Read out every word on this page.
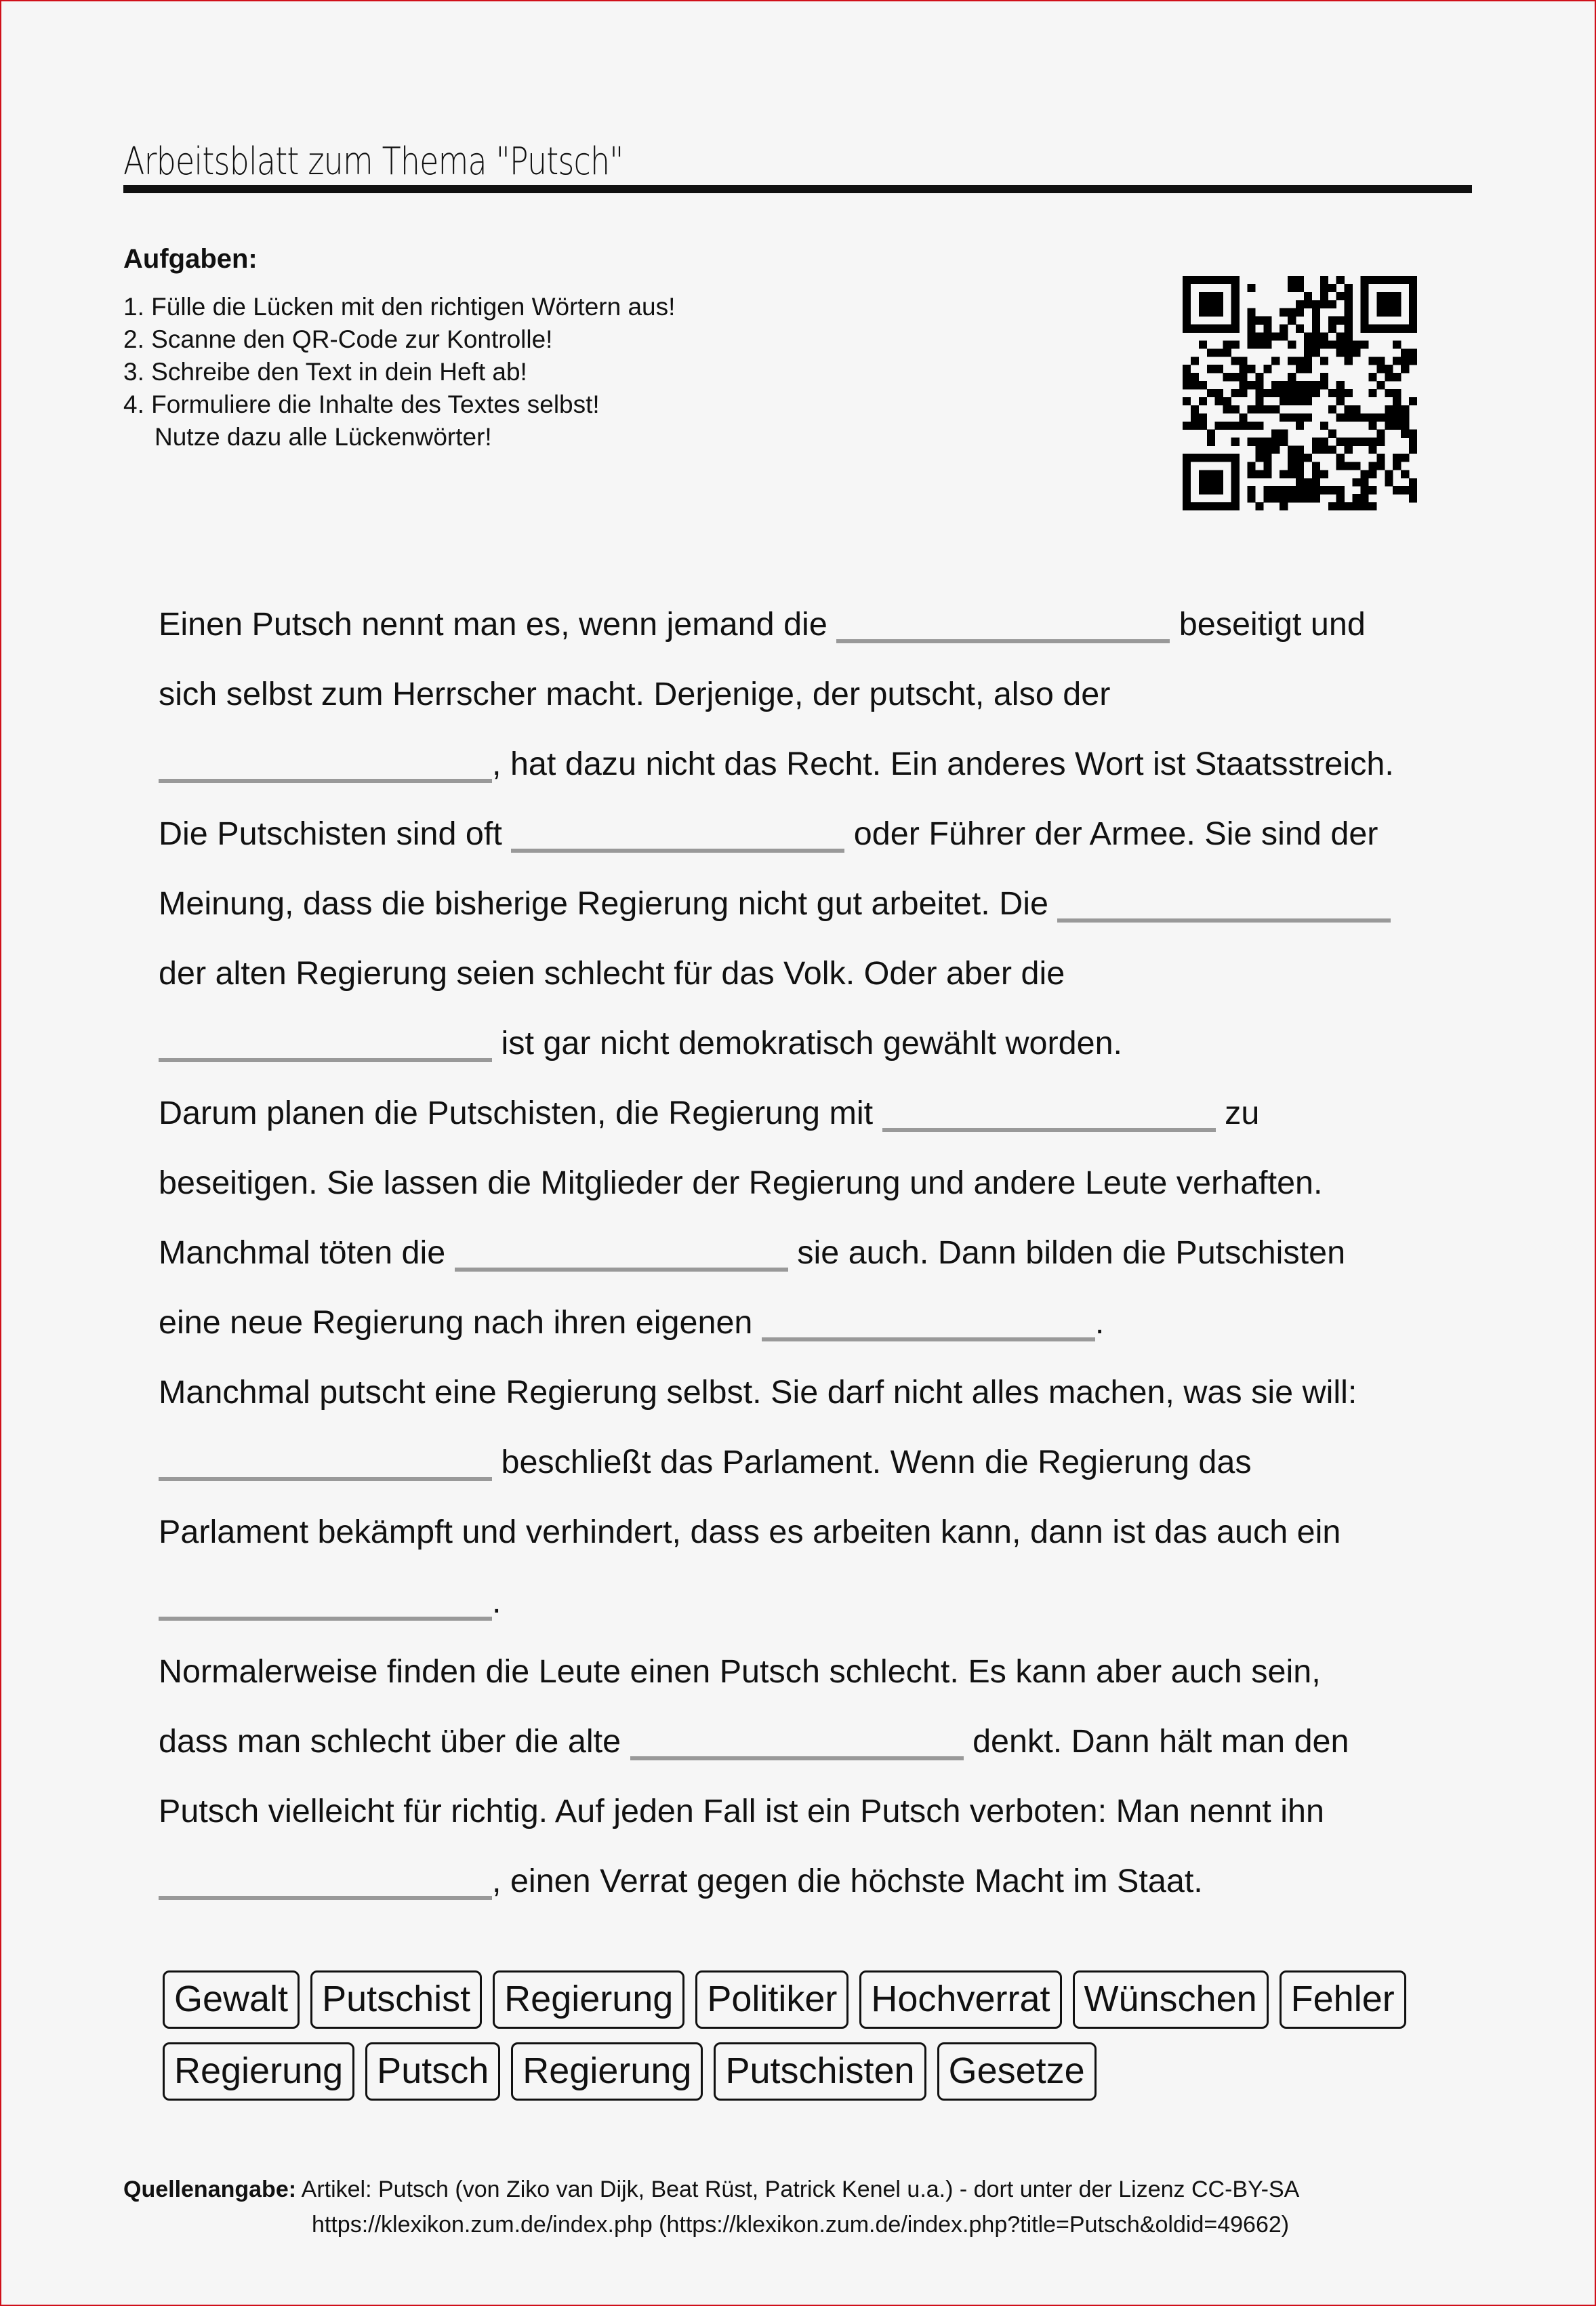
Arbeitsblatt zum Thema "Putsch"
Aufgaben:
1. Fülle die Lücken mit den richtigen Wörtern aus!
2. Scanne den QR-Code zur Kontrolle!
3. Schreibe den Text in dein Heft ab!
4. Formuliere die Inhalte des Textes selbst!
Nutze dazu alle Lückenwörter!
Einen Putsch nennt man es, wenn jemand die	beseitigt und
sich selbst zum Herrscher macht. Derjenige, der putscht, also der
, hat dazu nicht das Recht. Ein anderes Wort ist Staatsstreich.
Die Putschisten sind oft	oder Führer der Armee. Sie sind der
Meinung, dass die bisherige Regierung nicht gut arbeitet. Die
der alten Regierung seien schlecht für das Volk. Oder aber die
ist gar nicht demokratisch gewählt worden.
Darum planen die Putschisten, die Regierung mit	zu
beseitigen. Sie lassen die Mitglieder der Regierung und andere Leute verhaften.
Manchmal töten die	sie auch. Dann bilden die Putschisten
eine neue Regierung nach ihren eigenen	.
Manchmal putscht eine Regierung selbst. Sie darf nicht alles machen, was sie will:
beschließt das Parlament. Wenn die Regierung das
Parlament bekämpft und verhindert, dass es arbeiten kann, dann ist das auch ein
.
Normalerweise finden die Leute einen Putsch schlecht. Es kann aber auch sein,
dass man schlecht über die alte	denkt. Dann hält man den
Putsch vielleicht für richtig. Auf jeden Fall ist ein Putsch verboten: Man nennt ihn
, einen Verrat gegen die höchste Macht im Staat.
Gewalt Putschist Regierung Politiker Hochverrat Wünschen Fehler
Regierung Putsch Regierung Putschisten Gesetze
Quellenangabe: Artikel: Putsch (von Ziko van Dijk, Beat Rüst, Patrick Kenel u.a.) - dort unter der Lizenz CC-BY-SA
https://klexikon.zum.de/index.php (https://klexikon.zum.de/index.php?title=Putsch&oldid=49662)
